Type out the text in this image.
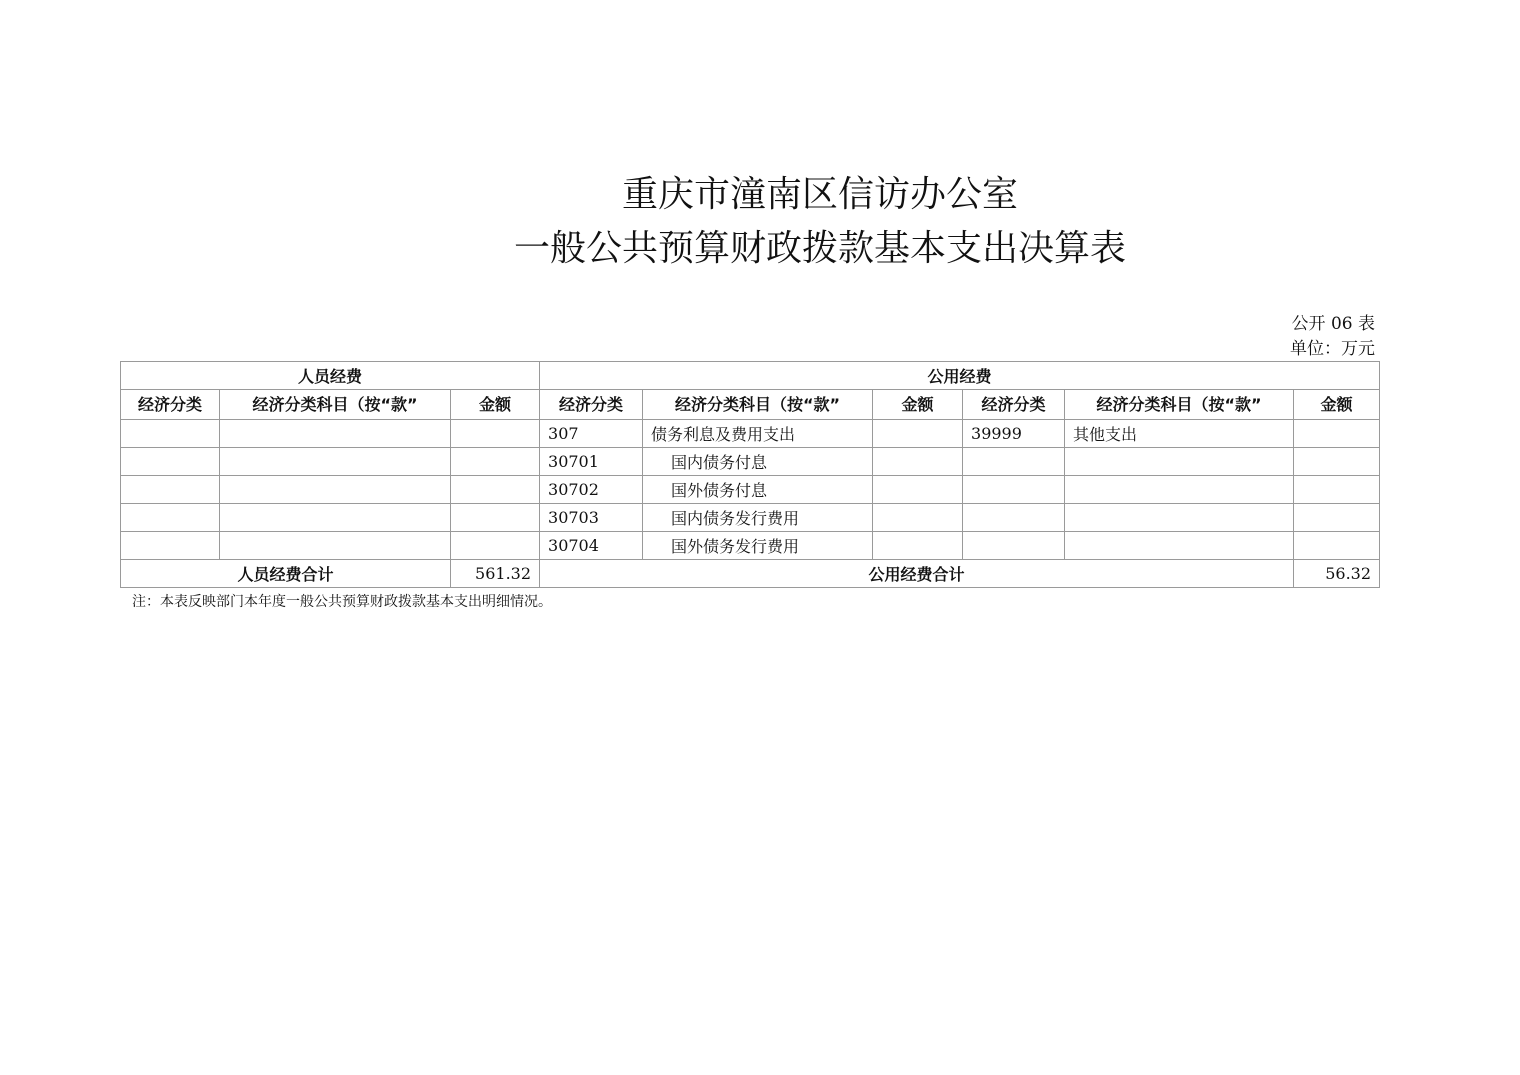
重庆市潼南区信访办公室
一般公共预算财政拨款基本支出决算表
公开 06 表
单位：万元
人员经费			公用经费					
经济分类	经济分类科目（按“款”	金额	经济分类	经济分类科目（按“款”	金额	经济分类	经济分类科目（按“款”	金额
			307	债务利息及费用支出		39999	其他支出	
			30701	国内债务付息				
			30702	国外债务付息				
			30703	国内债务发行费用				
			30704	国外债务发行费用				
人员经费合计		561.32	公用经费合计					56.32
注：本表反映部门本年度一般公共预算财政拨款基本支出明细情况。
